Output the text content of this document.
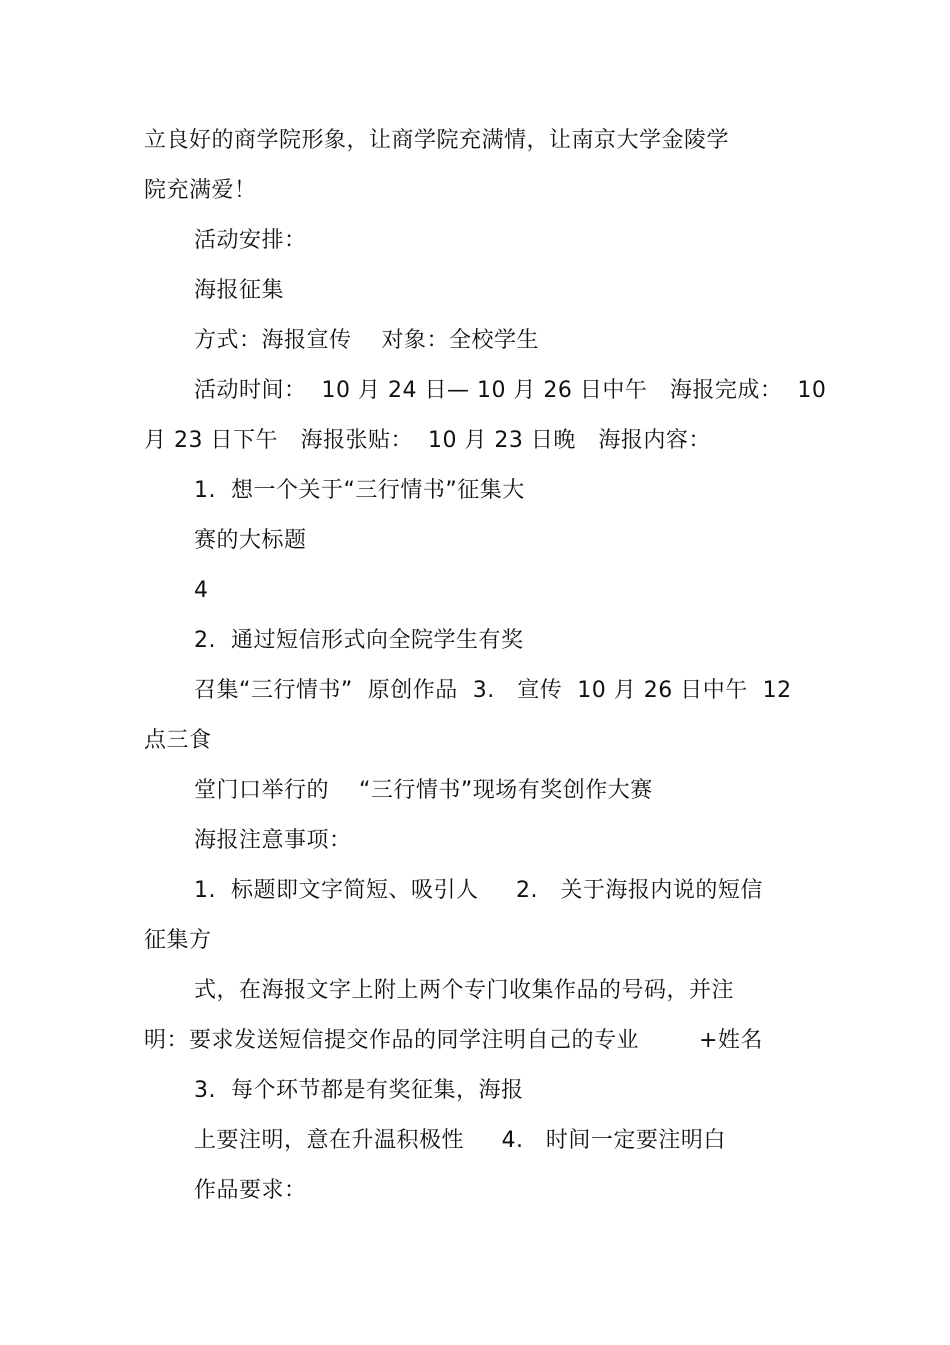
立良好的商学院形象，让商学院充满情，让南京大学金陵学
院充满爱！
活动安排：
海报征集
方式：海报宣传    对象：全校学生
活动时间：  10 月 24 日— 10 月 26 日中午   海报完成：  10
月 23 日下午   海报张贴：  10 月 23 日晚   海报内容：
1.  想一个关于“三行情书”征集大
赛的大标题
4
2.  通过短信形式向全院学生有奖
召集“三行情书”  原创作品  3.   宣传  10 月 26 日中午  12
点三食
堂门口举行的    “三行情书”现场有奖创作大赛
海报注意事项：
1.  标题即文字简短、吸引人     2.   关于海报内说的短信
征集方
式，在海报文字上附上两个专门收集作品的号码，并注
明：要求发送短信提交作品的同学注明自己的专业        +姓名
3.  每个环节都是有奖征集，海报
上要注明，意在升温积极性     4.   时间一定要注明白
作品要求：
